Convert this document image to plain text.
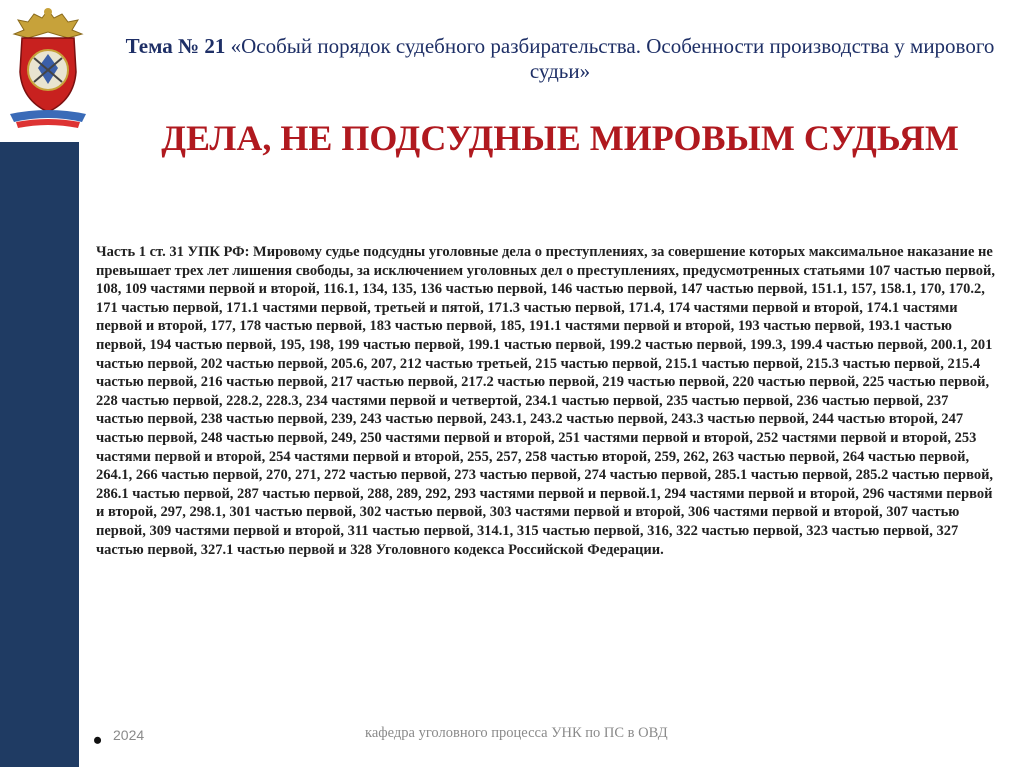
Тема № 21 «Особый порядок судебного разбирательства. Особенности производства у мирового судьи»
ДЕЛА, НЕ ПОДСУДНЫЕ МИРОВЫМ СУДЬЯМ
Часть 1 ст. 31 УПК РФ: Мировому судье подсудны уголовные дела о преступлениях, за совершение которых максимальное наказание не превышает трех лет лишения свободы, за исключением уголовных дел о преступлениях, предусмотренных статьями 107 частью первой, 108, 109 частями первой и второй, 116.1, 134, 135, 136 частью первой, 146 частью первой, 147 частью первой, 151.1, 157, 158.1, 170, 170.2, 171 частью первой, 171.1 частями первой, третьей и пятой, 171.3 частью первой, 171.4, 174 частями первой и второй, 174.1 частями первой и второй, 177, 178 частью первой, 183 частью первой, 185, 191.1 частями первой и второй, 193 частью первой, 193.1 частью первой, 194 частью первой, 195, 198, 199 частью первой, 199.1 частью первой, 199.2 частью первой, 199.3, 199.4 частью первой, 200.1, 201 частью первой, 202 частью первой, 205.6, 207, 212 частью третьей, 215 частью первой, 215.1 частью первой, 215.3 частью первой, 215.4 частью первой, 216 частью первой, 217 частью первой, 217.2 частью первой, 219 частью первой, 220 частью первой, 225 частью первой, 228 частью первой, 228.2, 228.3, 234 частями первой и четвертой, 234.1 частью первой, 235 частью первой, 236 частью первой, 237 частью первой, 238 частью первой, 239, 243 частью первой, 243.1, 243.2 частью первой, 243.3 частью первой, 244 частью второй, 247 частью первой, 248 частью первой, 249, 250 частями первой и второй, 251 частями первой и второй, 252 частями первой и второй, 253 частями первой и второй, 254 частями первой и второй, 255, 257, 258 частью второй, 259, 262, 263 частью первой, 264 частью первой, 264.1, 266 частью первой, 270, 271, 272 частью первой, 273 частью первой, 274 частью первой, 285.1 частью первой, 285.2 частью первой, 286.1 частью первой, 287 частью первой, 288, 289, 292, 293 частями первой и первой.1, 294 частями первой и второй, 296 частями первой и второй, 297, 298.1, 301 частью первой, 302 частью первой, 303 частями первой и второй, 306 частями первой и второй, 307 частью первой, 309 частями первой и второй, 311 частью первой, 314.1, 315 частью первой, 316, 322 частью первой, 323 частью первой, 327 частью первой, 327.1 частью первой и 328 Уголовного кодекса Российской Федерации.
• 2024	кафедра уголовного процесса УНК по ПС в ОВД
